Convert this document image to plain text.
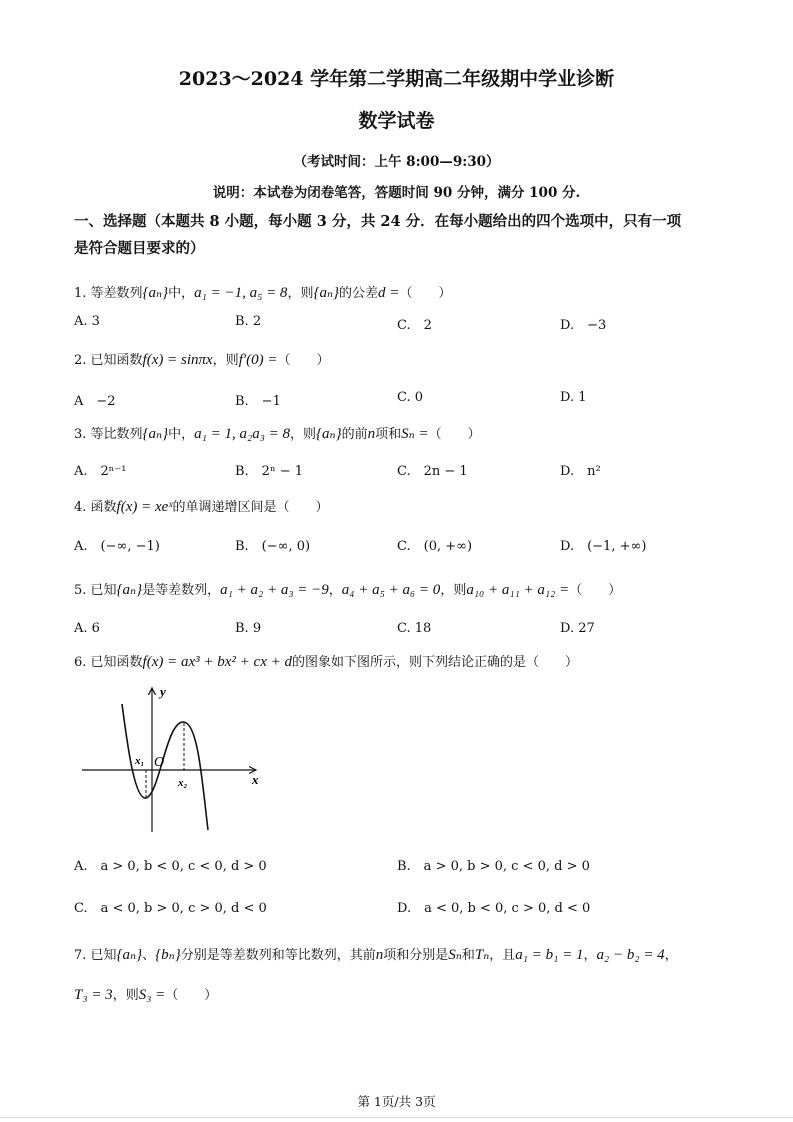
2023～2024 学年第二学期高二年级期中学业诊断
数学试卷
（考试时间：上午 8:00—9:30）
说明：本试卷为闭卷笔答，答题时间 90 分钟，满分 100 分.
一、选择题（本题共 8 小题，每小题 3 分，共 24 分．在每小题给出的四个选项中，只有一项
是符合题目要求的）
1. 等差数列{aₙ}中，a₁ = −1, a₅ = 8，则{aₙ}的公差d =（　　）
A. 3	B. 2	C.　2	D.　−3
2. 已知函数f(x) = sinπx，则f′(0) =（　　）
A　−2	B.　−1	C. 0	D. 1
3. 等比数列{aₙ}中，a₁ = 1, a₂a₃ = 8，则{aₙ}的前n项和Sₙ =（　　）
A.　2ⁿ⁻¹	B.　2ⁿ − 1	C.　2n − 1	D.　n²
4. 函数f(x) = xeˣ的单调递增区间是（　　）
A.　(−∞, −1)	B.　(−∞, 0)	C.　(0, +∞)	D.　(−1, +∞)
5. 已知{aₙ}是等差数列，a₁ + a₂ + a₃ = −9，a₄ + a₅ + a₆ = 0，则a₁₀ + a₁₁ + a₁₂ =（　　）
A. 6	B. 9	C. 18	D. 27
6. 已知函数f(x) = ax³ + bx² + cx + d的图象如下图所示，则下列结论正确的是（　　）
y
x
O
x₁
x₂
A.　a > 0, b < 0, c < 0, d > 0	B.　a > 0, b > 0, c < 0, d > 0
C.　a < 0, b > 0, c > 0, d < 0	D.　a < 0, b < 0, c > 0, d < 0
7. 已知{aₙ}、{bₙ}分别是等差数列和等比数列，其前n项和分别是Sₙ和Tₙ，且a₁ = b₁ = 1，a₂ − b₂ = 4，
T₃ = 3，则S₃ =（　　）
第 1页/共 3页
